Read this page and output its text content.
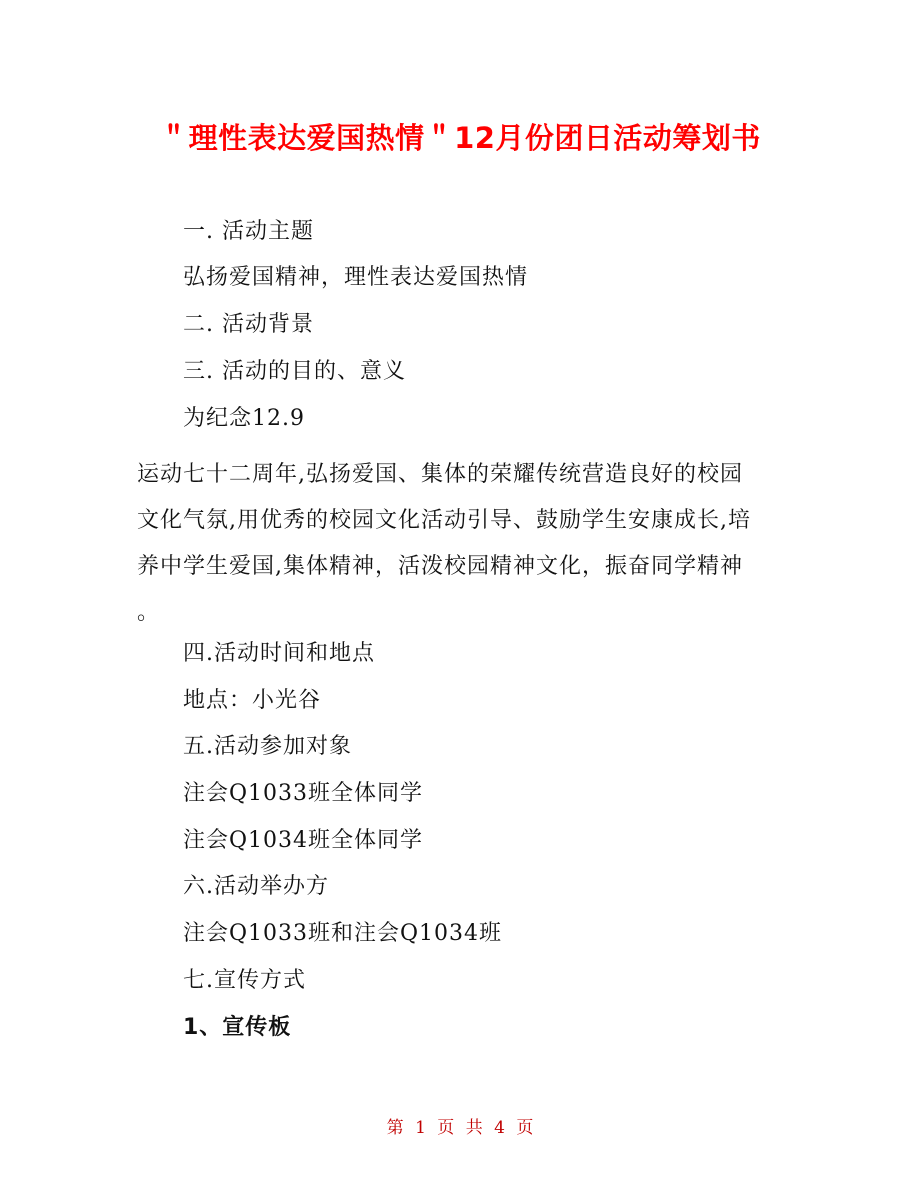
＂理性表达爱国热情＂12月份团日活动筹划书
一. 活动主题
弘扬爱国精神，理性表达爱国热情
二. 活动背景
三. 活动的目的、意义
为纪念12.9
运动七十二周年,弘扬爱国、集体的荣耀传统营造良好的校园
文化气氛,用优秀的校园文化活动引导、鼓励学生安康成长,培
养中学生爱国,集体精神，活泼校园精神文化，振奋同学精神
。
四.活动时间和地点
地点：小光谷
五.活动参加对象
注会Q1033班全体同学
注会Q1034班全体同学
六.活动举办方
注会Q1033班和注会Q1034班
七.宣传方式
1、宣传板
第 1 页 共 4 页
